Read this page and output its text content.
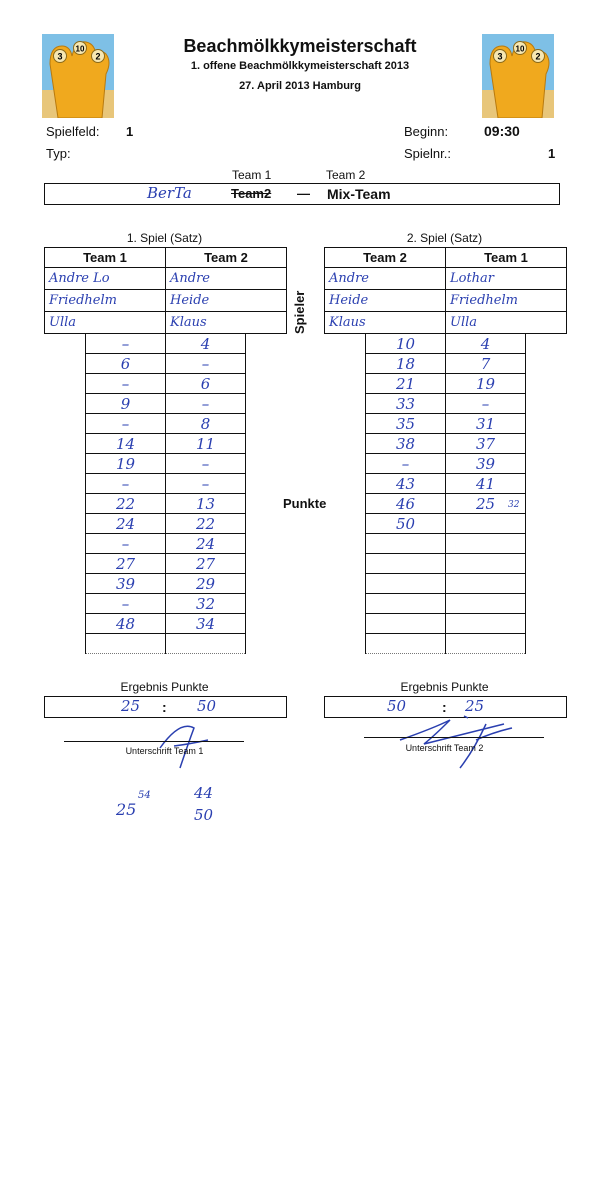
3
10
2	3
10
2
Beachmölkkymeisterschaft
1. offene Beachmölkkymeisterschaft 2013
27. April 2013 Hamburg
Spielfeld: 1
Typ:
Beginn:	09:30
Spielnr.:	1
Team 1	Team 2
BerTa	Team2 — Mix-Team
1. Spiel (Satz)	2. Spiel (Satz)
Team 1		Team 2	
Andre Lo		Andre	
Friedhelm		Heide	
Ulla		Klaus	
	–	4	
	6	–	
	–	6	
	9	–	
	–	8	
	14	11	
	19	–	
	–	–	
	22	13	
	24	22	
	–	24	
	27	27	
	39	29	
	–	32	
	48	34	

Team 2		Team 1	
Andre		Lothar	
Heide		Friedhelm	
Klaus		Ulla	
	10	4	
	18	7	
	21	19	
	33	–	
	35	31	
	38	37	
	–	39	
	43	41	
	46	25	
	50		

Spieler
Punkte	32
Ergebnis Punkte
25 : 50
Ergebnis Punkte
50	: 25
Unterschrift Team 1	Unterschrift Team 2
25
54	44
50
